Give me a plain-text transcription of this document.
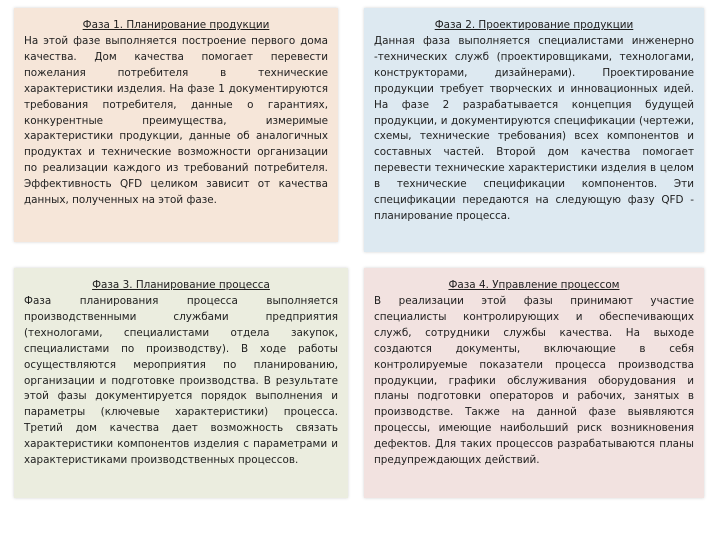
Фаза 1. Планирование продукции
На этой фазе выполняется построение первого дома качества. Дом качества помогает перевести пожелания потребителя в технические характеристики изделия. На фазе 1 документируются требования потребителя, данные о гарантиях, конкурентные преимущества, измеримые характеристики продукции, данные об аналогичных продуктах и технические возможности организации по реализации каждого из требований потребителя. Эффективность QFD целиком зависит от качества данных, полученных на этой фазе.
Фаза 2. Проектирование продукции
Данная фаза выполняется специалистами инженерно -технических служб (проектировщиками, технологами, конструкторами, дизайнерами). Проектирование продукции требует творческих и инновационных идей. На фазе 2 разрабатывается концепция будущей продукции, и документируются спецификации (чертежи, схемы, технические требования) всех компонентов и составных частей. Второй дом качества помогает перевести технические характеристики изделия в целом в технические спецификации компонентов. Эти спецификации передаются на следующую фазу QFD - планирование процесса.
Фаза 3. Планирование процесса
Фаза планирования процесса выполняется производственными службами предприятия (технологами, специалистами отдела закупок, специалистами по производству). В ходе работы осуществляются мероприятия по планированию, организации и подготовке производства. В результате этой фазы документируется порядок выполнения и параметры (ключевые характеристики) процесса. Третий дом качества дает возможность связать характеристики компонентов изделия с параметрами и характеристиками производственных процессов.
Фаза 4. Управление процессом
В реализации этой фазы принимают участие специалисты контролирующих и обеспечивающих служб, сотрудники службы качества. На выходе создаются документы, включающие в себя контролируемые показатели процесса производства продукции, графики обслуживания оборудования и планы подготовки операторов и рабочих, занятых в производстве. Также на данной фазе выявляются процессы, имеющие наибольший риск возникновения дефектов. Для таких процессов разрабатываются планы предупреждающих действий.
